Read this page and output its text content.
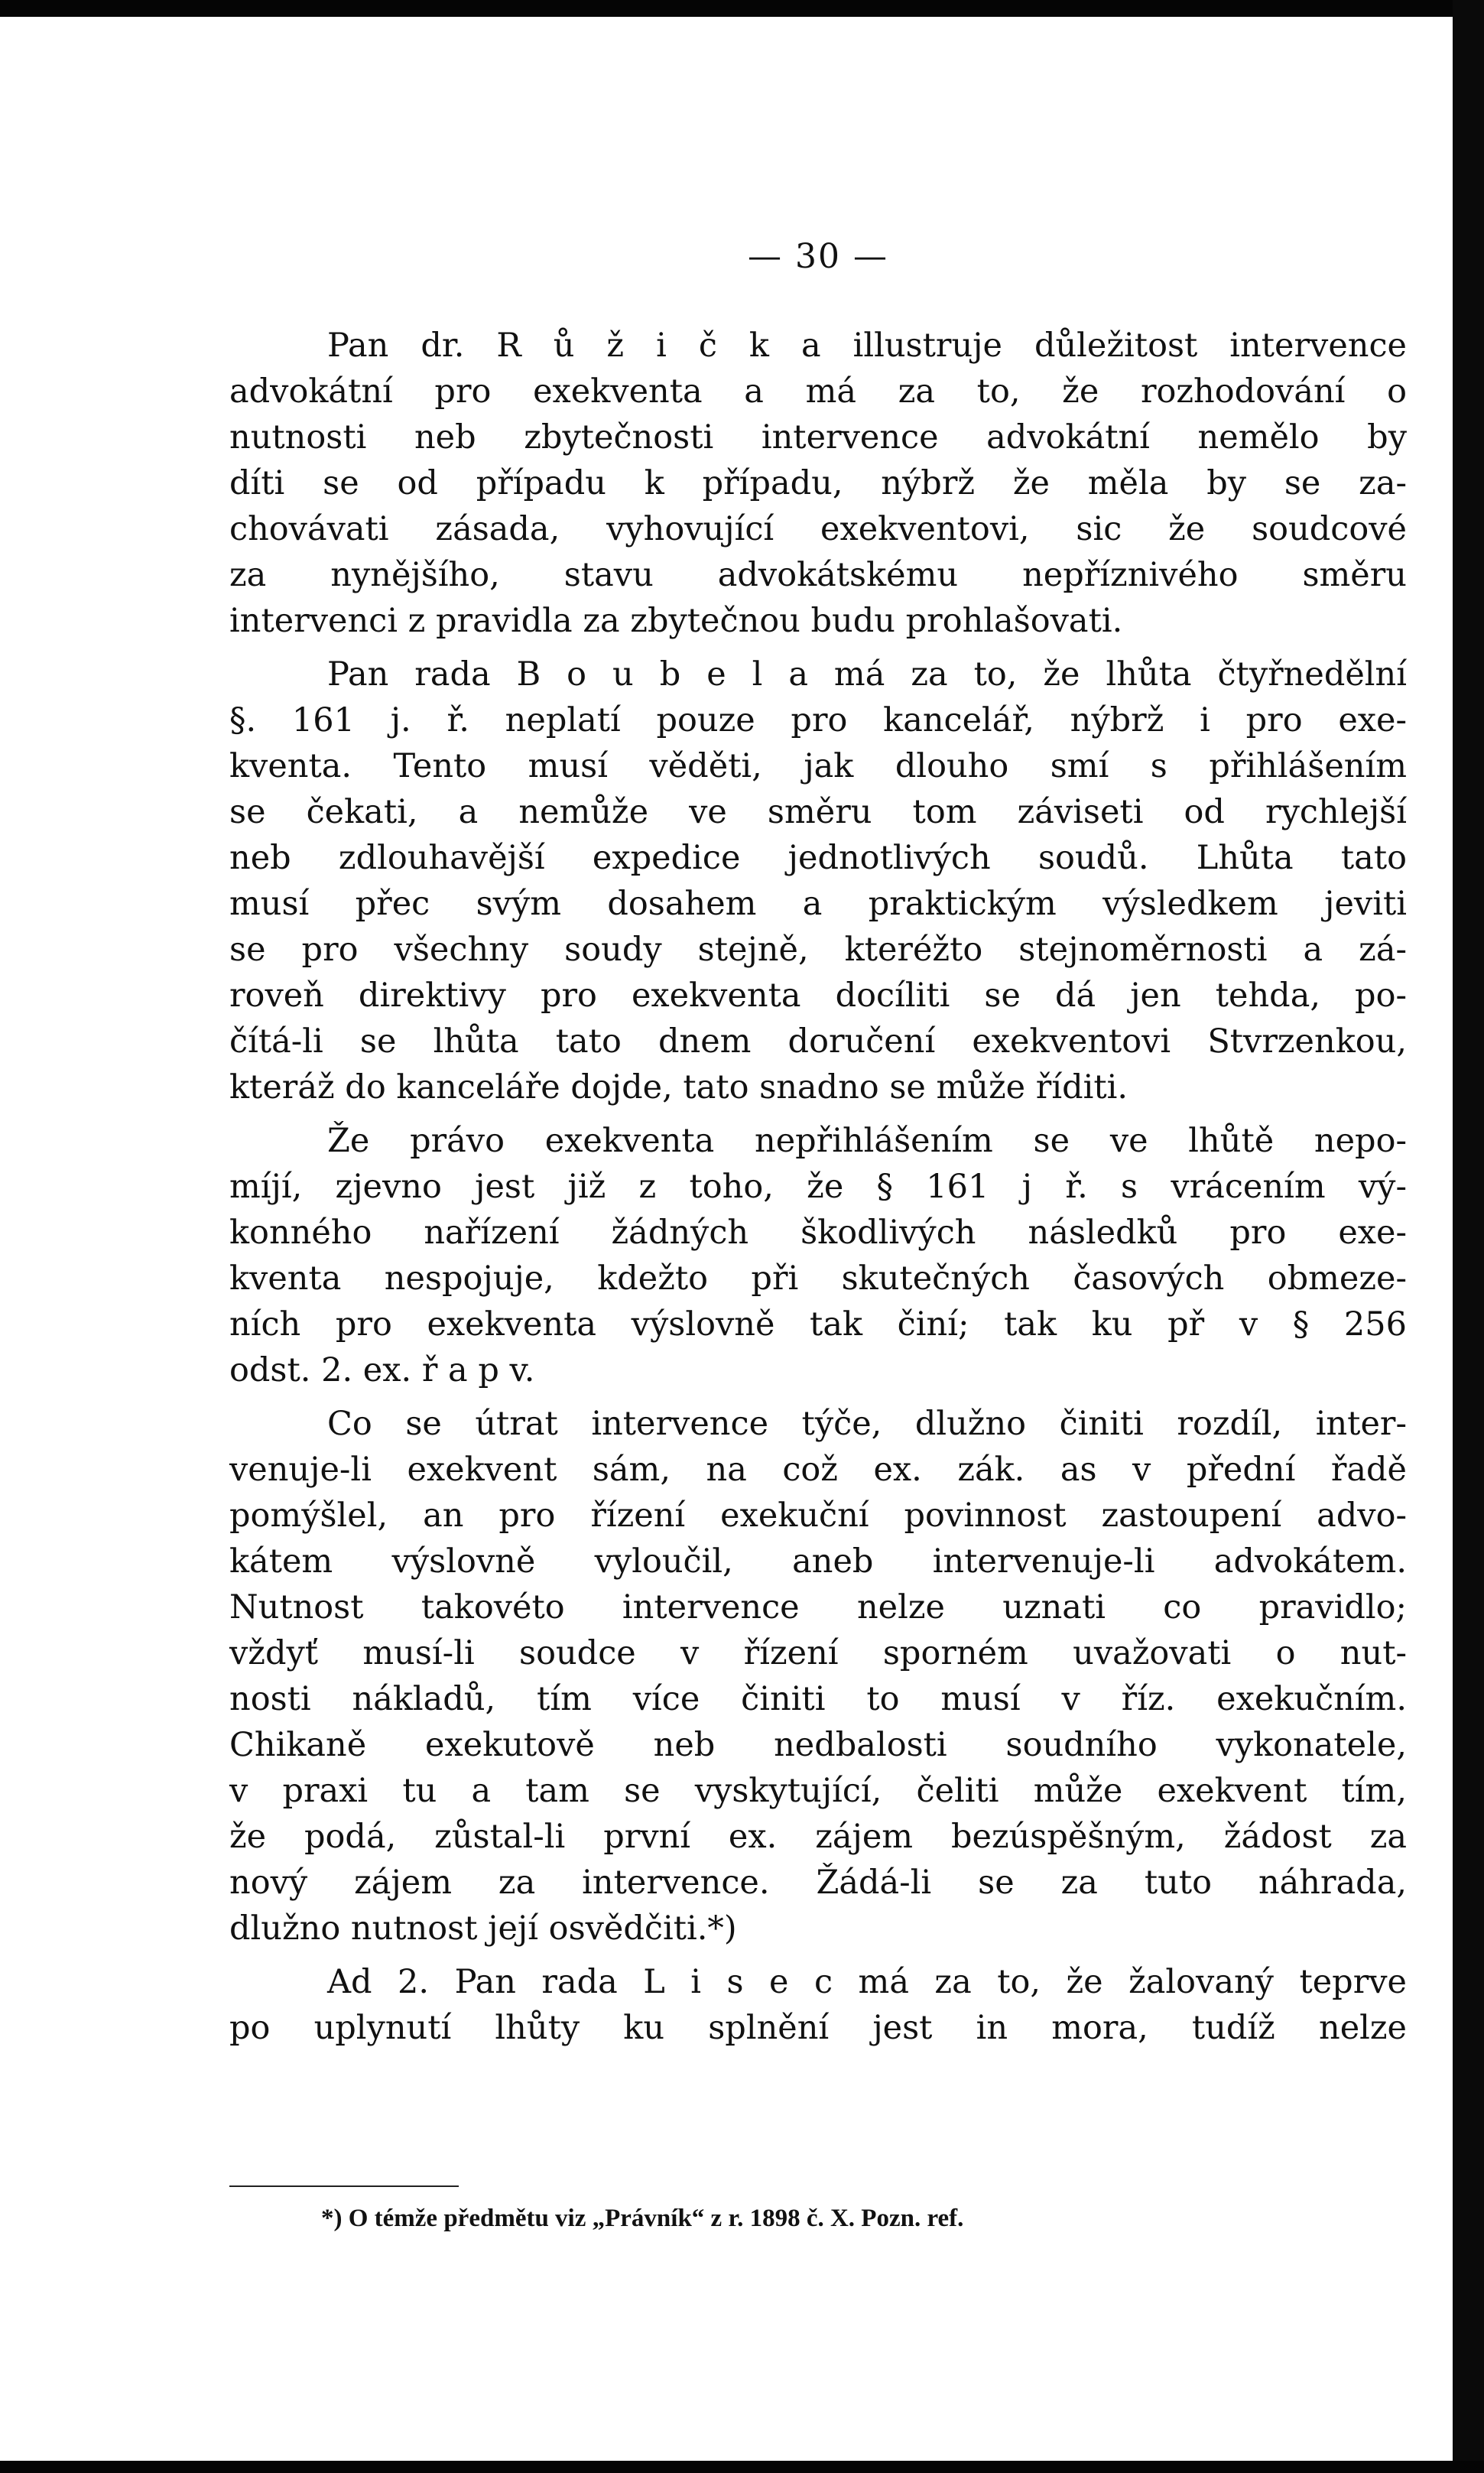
— 30 —
Pan dr. R ů ž i č k a illustruje důležitost intervence
advokátní pro exekventa a má za to, že rozhodování o
nutnosti neb zbytečnosti intervence advokátní nemělo by
díti se od případu k případu, nýbrž že měla by se za-
chovávati zásada, vyhovující exekventovi, sic že soudcové
za nynějšího, stavu advokátskému nepříznivého směru
intervenci z pravidla za zbytečnou budu prohlašovati.
Pan rada B o u b e l a má za to, že lhůta čtyřnedělní
§. 161 j. ř. neplatí pouze pro kancelář, nýbrž i pro exe-
kventa. Tento musí věděti, jak dlouho smí s přihlášením
se čekati, a nemůže ve směru tom záviseti od rychlejší
neb zdlouhavější expedice jednotlivých soudů. Lhůta tato
musí přec svým dosahem a praktickým výsledkem jeviti
se pro všechny soudy stejně, kteréžto stejnoměrnosti a zá-
roveň direktivy pro exekventa docíliti se dá jen tehda, po-
čítá-li se lhůta tato dnem doručení exekventovi Stvrzenkou,
kteráž do kanceláře dojde, tato snadno se může říditi.
Že právo exekventa nepřihlášením se ve lhůtě nepo-
míjí, zjevno jest již z toho, že § 161 j ř. s vrácením vý-
konného nařízení žádných škodlivých následků pro exe-
kventa nespojuje, kdežto při skutečných časových obmeze-
ních pro exekventa výslovně tak činí; tak ku př v § 256
odst. 2. ex. ř a p v.
Co se útrat intervence týče, dlužno činiti rozdíl, inter-
venuje-li exekvent sám, na což ex. zák. as v přední řadě
pomýšlel, an pro řízení exekuční povinnost zastoupení advo-
kátem výslovně vyloučil, aneb intervenuje-li advokátem.
Nutnost takovéto intervence nelze uznati co pravidlo;
vždyť musí-li soudce v řízení sporném uvažovati o nut-
nosti nákladů, tím více činiti to musí v říz. exekučním.
Chikaně exekutově neb nedbalosti soudního vykonatele,
v praxi tu a tam se vyskytující, čeliti může exekvent tím,
že podá, zůstal-li první ex. zájem bezúspěšným, žádost za
nový zájem za intervence. Žádá-li se za tuto náhrada,
dlužno nutnost její osvědčiti.*)
Ad 2. Pan rada L i s e c má za to, že žalovaný teprve
po uplynutí lhůty ku splnění jest in mora, tudíž nelze
*) O témže předmětu viz „Právník“ z r. 1898 č. X. Pozn. ref.
